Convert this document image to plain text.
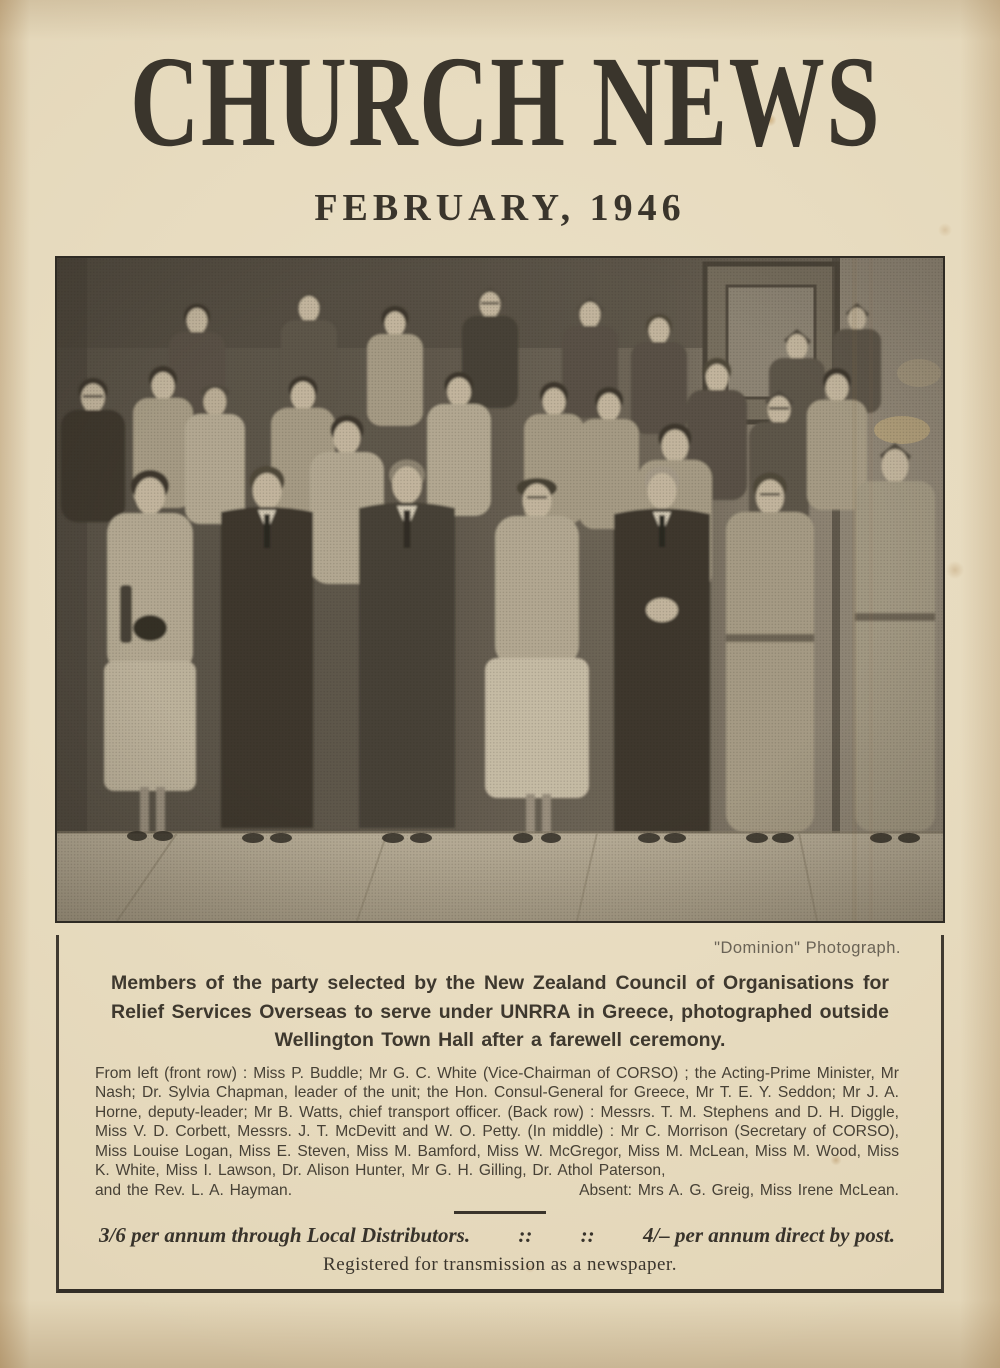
CHURCH NEWS
FEBRUARY, 1946
"Dominion" Photograph.

Members of the party selected by the New Zealand Council of Organisations for Relief Services Overseas to serve under UNRRA in Greece, photographed outside Wellington Town Hall after a farewell ceremony.

From left (front row) : Miss P. Buddle; Mr G. C. White (Vice-Chairman of CORSO) ; the Acting-Prime Minister, Mr Nash; Dr. Sylvia Chapman, leader of the unit; the Hon. Consul-General for Greece, Mr T. E. Y. Seddon; Mr J. A. Horne, deputy-leader; Mr B. Watts, chief transport officer. (Back row) : Messrs. T. M. Stephens and D. H. Diggle, Miss V. D. Corbett, Messrs. J. T. McDevitt and W. O. Petty. (In middle) : Mr C. Morrison (Secretary of CORSO), Miss Louise Logan, Miss E. Steven, Miss M. Bamford, Miss W. McGregor, Miss M. McLean, Miss M. Wood, Miss K. White, Miss I. Lawson, Dr. Alison Hunter, Mr G. H. Gilling, Dr. Athol Paterson,

and the Rev. L. A. Hayman.	Absent: Mrs A. G. Greig, Miss Irene McLean.
3/6 per annum through Local Distributors. :: :: 4/– per annum direct by post.
Registered for transmission as a newspaper.
